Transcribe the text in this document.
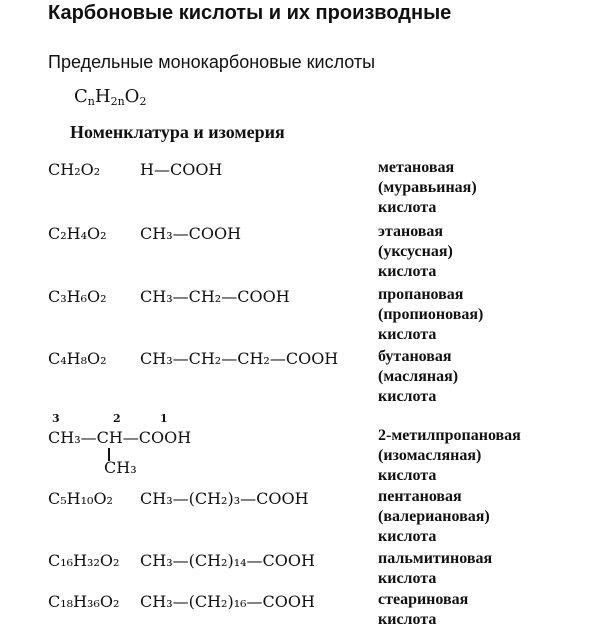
Карбоновые кислоты и их производные
Предельные монокарбоновые кислоты
$C_nH_{2n}O_2$
Номенклатура и изомерия
CH₂O₂ H—COOH	метановая
(муравьиная)
кислота
C₂H₄O₂ CH₃—COOH	этановая
(уксусная)
кислота
C₃H₆O₂ CH₃—CH₂—COOH	пропановая
(пропионовая)
кислота
C₄H₈O₂ CH₃—CH₂—CH₂—COOH бутановая
(масляная)
кислота
3	2	1
CH₃—CH—COOH
CH₃
2-метилпропановая
(изомасляная)
кислота
C₅H₁₀O₂ CH₃—(CH₂)₃—COOH	пентановая
(валериановая)
кислота
C₁₆H₃₂O₂ CH₃—(CH₂)₁₄—COOH	пальмитиновая
кислота
C₁₈H₃₆O₂ CH₃—(CH₂)₁₆—COOH	стеариновая
кислота
